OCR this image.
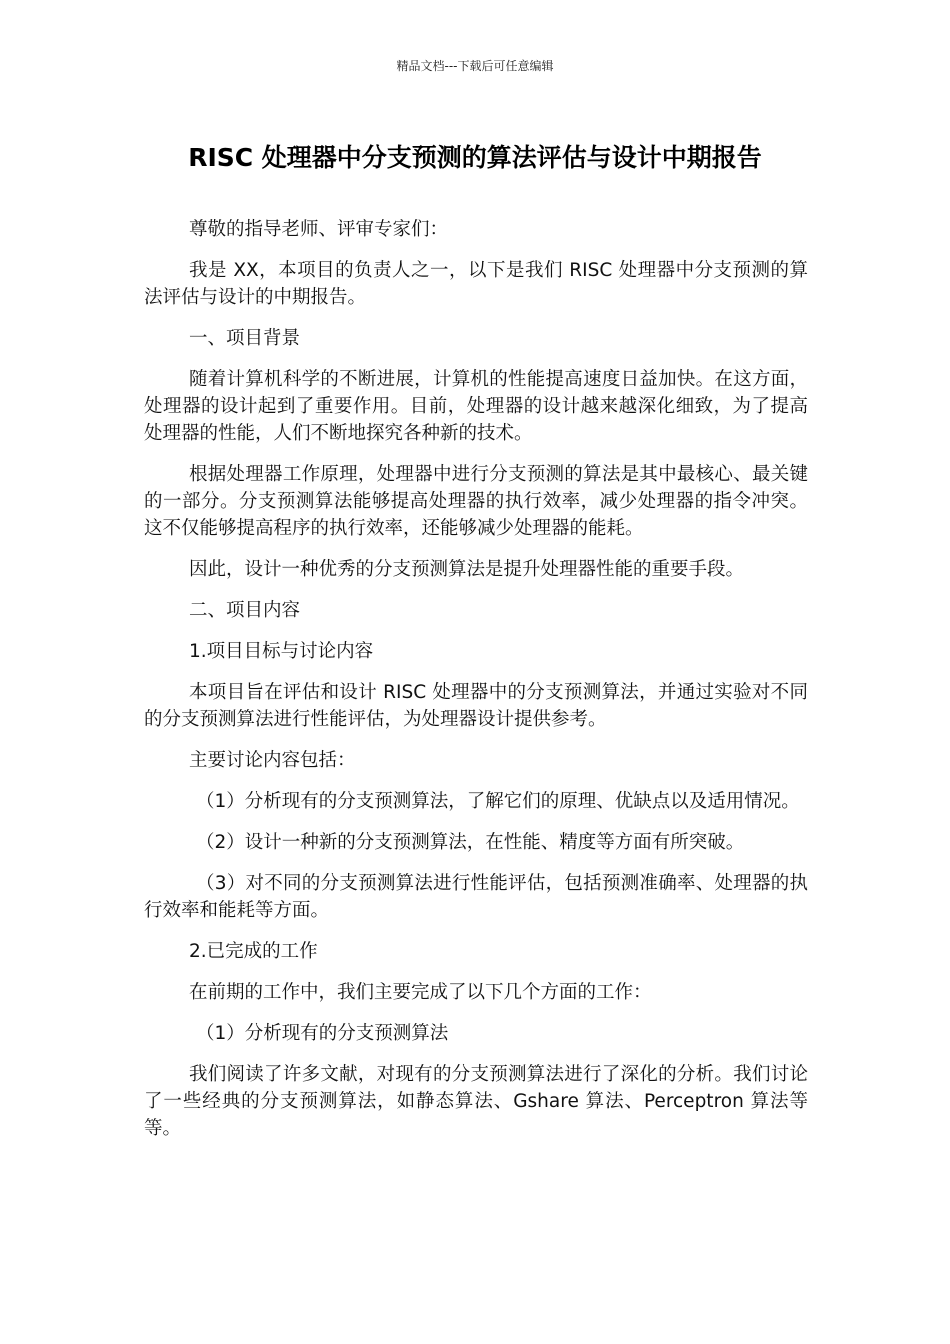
精品文档---下载后可任意编辑
RISC 处理器中分支预测的算法评估与设计中期报告

尊敬的指导老师、评审专家们：

我是 XX，本项目的负责人之一，以下是我们 RISC 处理器中分支预测的算法评估与设计的中期报告。

一、项目背景

随着计算机科学的不断进展，计算机的性能提高速度日益加快。在这方面，处理器的设计起到了重要作用。目前，处理器的设计越来越深化细致，为了提高处理器的性能，人们不断地探究各种新的技术。

根据处理器工作原理，处理器中进行分支预测的算法是其中最核心、最关键的一部分。分支预测算法能够提高处理器的执行效率，减少处理器的指令冲突。这不仅能够提高程序的执行效率，还能够减少处理器的能耗。

因此，设计一种优秀的分支预测算法是提升处理器性能的重要手段。

二、项目内容

1.项目目标与讨论内容

本项目旨在评估和设计 RISC 处理器中的分支预测算法，并通过实验对不同的分支预测算法进行性能评估，为处理器设计提供参考。

主要讨论内容包括：

（1）分析现有的分支预测算法，了解它们的原理、优缺点以及适用情况。

（2）设计一种新的分支预测算法，在性能、精度等方面有所突破。

（3）对不同的分支预测算法进行性能评估，包括预测准确率、处理器的执行效率和能耗等方面。

2.已完成的工作

在前期的工作中，我们主要完成了以下几个方面的工作：

（1）分析现有的分支预测算法

我们阅读了许多文献，对现有的分支预测算法进行了深化的分析。我们讨论了一些经典的分支预测算法，如静态算法、Gshare 算法、Perceptron 算法等等。
